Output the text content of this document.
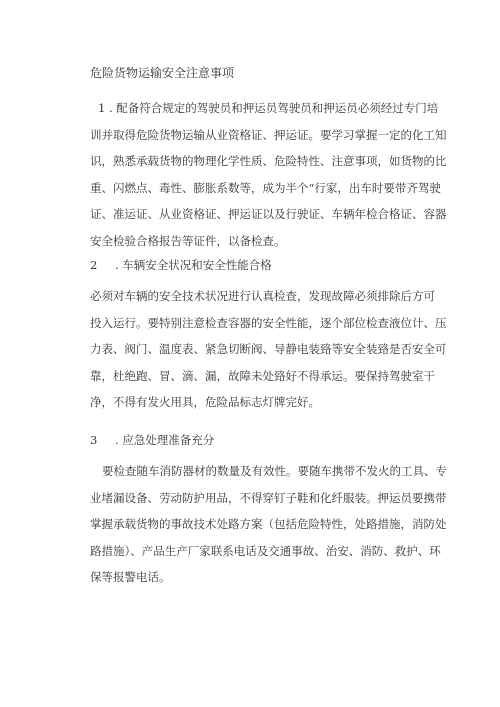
危险货物运输安全注意事项
1 . 配备符合规定的驾驶员和押运员驾驶员和押运员必须经过专门培
训并取得危险货物运输从业资格证、押运证。要学习掌握一定的化工知
识，熟悉承载货物的物理化学性质、危险特性、注意事项，如货物的比
重、闪燃点、毒性、膨胀系数等，成为半个“行家，出车时要带齐驾驶
证、准运证、从业资格证、押运证以及行驶证、车辆年检合格证、容器
安全检验合格报告等证件，以备检查。
2 . 车辆安全状况和安全性能合格
必须对车辆的安全技术状况进行认真检查，发现故障必须排除后方可
投入运行。要特别注意检查容器的安全性能，逐个部位检查液位计、压
力表、阀门、温度表、紧急切断阀、导静电装臵等安全装臵是否安全可
靠，杜绝跑、冒、滴、漏，故障未处臵好不得承运。要保持驾驶室干
净，不得有发火用具，危险品标志灯牌完好。
3 . 应急处理准备充分
要检查随车消防器材的数量及有效性。要随车携带不发火的工具、专
业堵漏设备、劳动防护用品，不得穿钉子鞋和化纤服装。押运员要携带
掌握承载货物的事故技术处路方案（包括危险特性，处路措施，消防处
路措施）、产品生产厂家联系电话及交通事故、治安、消防、救护、环
保等报警电话。
